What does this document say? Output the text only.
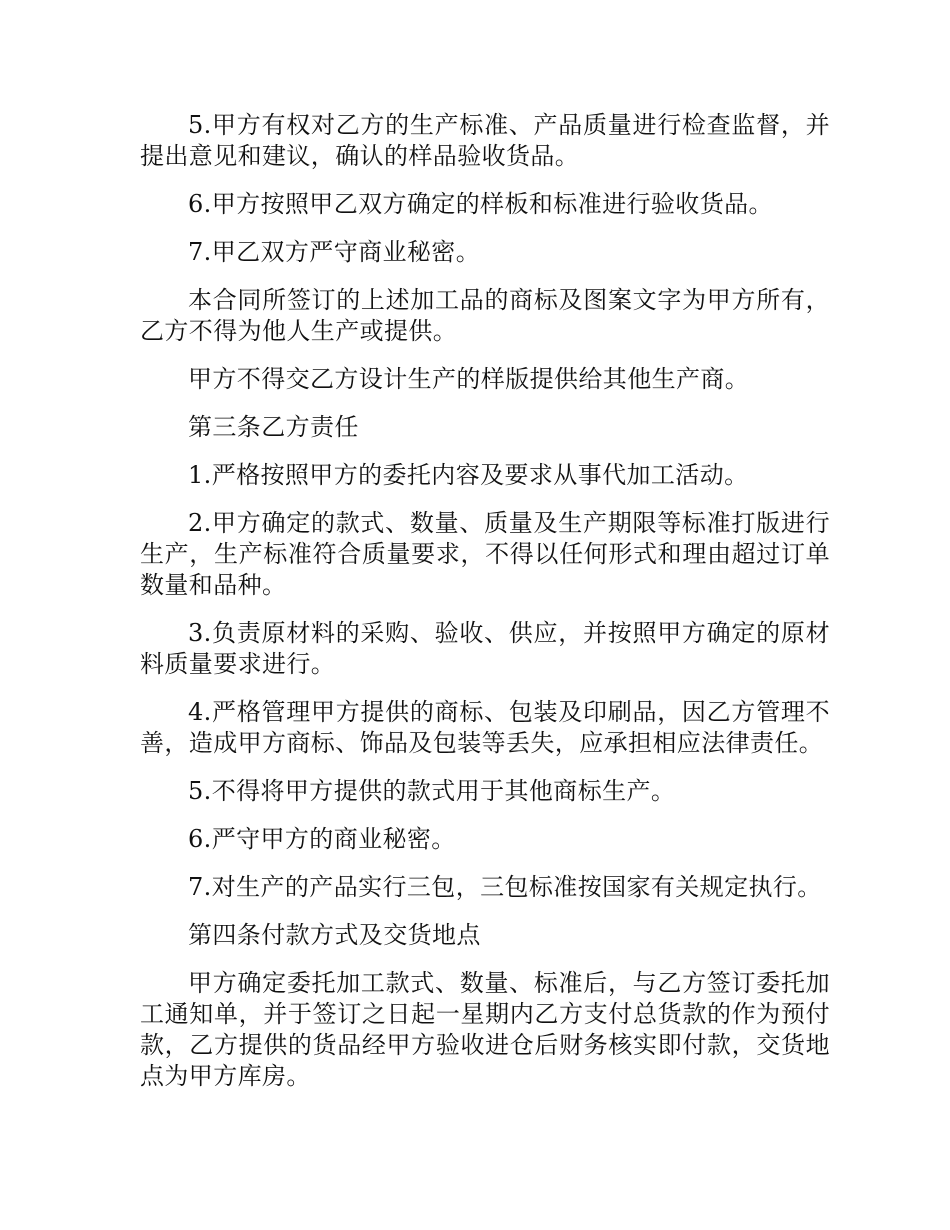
5.甲方有权对乙方的生产标准、产品质量进行检查监督，并提出意见和建议，确认的样品验收货品。

6.甲方按照甲乙双方确定的样板和标准进行验收货品。

7.甲乙双方严守商业秘密。

本合同所签订的上述加工品的商标及图案文字为甲方所有，乙方不得为他人生产或提供。

甲方不得交乙方设计生产的样版提供给其他生产商。

第三条乙方责任

1.严格按照甲方的委托内容及要求从事代加工活动。

2.甲方确定的款式、数量、质量及生产期限等标准打版进行生产，生产标准符合质量要求，不得以任何形式和理由超过订单数量和品种。

3.负责原材料的采购、验收、供应，并按照甲方确定的原材料质量要求进行。

4.严格管理甲方提供的商标、包装及印刷品，因乙方管理不善，造成甲方商标、饰品及包装等丢失，应承担相应法律责任。

5.不得将甲方提供的款式用于其他商标生产。

6.严守甲方的商业秘密。

7.对生产的产品实行三包，三包标准按国家有关规定执行。

第四条付款方式及交货地点

甲方确定委托加工款式、数量、标准后，与乙方签订委托加工通知单，并于签订之日起一星期内乙方支付总货款的作为预付款，乙方提供的货品经甲方验收进仓后财务核实即付款，交货地点为甲方库房。
